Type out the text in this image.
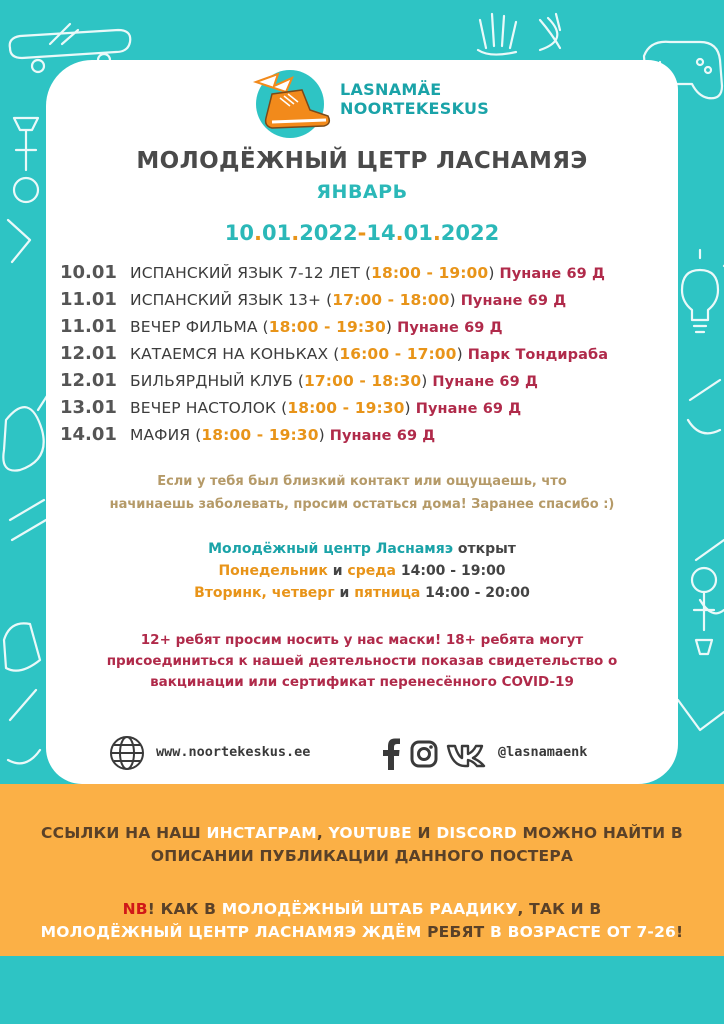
LASNAMÄE
NOORTEKESKUS
МОЛОДЁЖНЫЙ ЦЕТР ЛАСНАМЯЭ
ЯНВАРЬ
10.01.2022-14.01.2022
10.01 ИСПАНСКИЙ ЯЗЫК 7-12 ЛЕТ (18:00 - 19:00) Пунане 69 Д
11.01 ИСПАНСКИЙ ЯЗЫК 13+ (17:00 - 18:00) Пунане 69 Д
11.01 ВЕЧЕР ФИЛЬМА (18:00 - 19:30) Пунане 69 Д
12.01 КАТАЕМСЯ НА КОНЬКАХ (16:00 - 17:00) Парк Тондираба
12.01 БИЛЬЯРДНЫЙ КЛУБ (17:00 - 18:30) Пунане 69 Д
13.01 ВЕЧЕР НАСТОЛОК (18:00 - 19:30) Пунане 69 Д
14.01 МАФИЯ (18:00 - 19:30) Пунане 69 Д
Если у тебя был близкий контакт или ощущаешь, что
начинаешь заболевать, просим остаться дома! Заранее спасибо :)
Молодёжный центр Ласнамяэ открыт
Понедельник и среда 14:00 - 19:00
Вторинк, четверг и пятница 14:00 - 20:00
12+ ребят просим носить у нас маски! 18+ ребята могут
присоединиться к нашей деятельности показав свидетельство о
вакцинации или сертификат перенесённого COVID-19
www.noortekeskus.ee	@lasnamaenk
ССЫЛКИ НА НАШ ИНСТАГРАМ, YOUTUBE И DISCORD МОЖНО НАЙТИ В
ОПИСАНИИ ПУБЛИКАЦИИ ДАННОГО ПОСТЕРА
NB! КАК В МОЛОДЁЖНЫЙ ШТАБ РААДИКУ, ТАК И В
МОЛОДЁЖНЫЙ ЦЕНТР ЛАСНАМЯЭ ЖДЁМ РЕБЯТ В ВОЗРАСТЕ ОТ 7-26!
